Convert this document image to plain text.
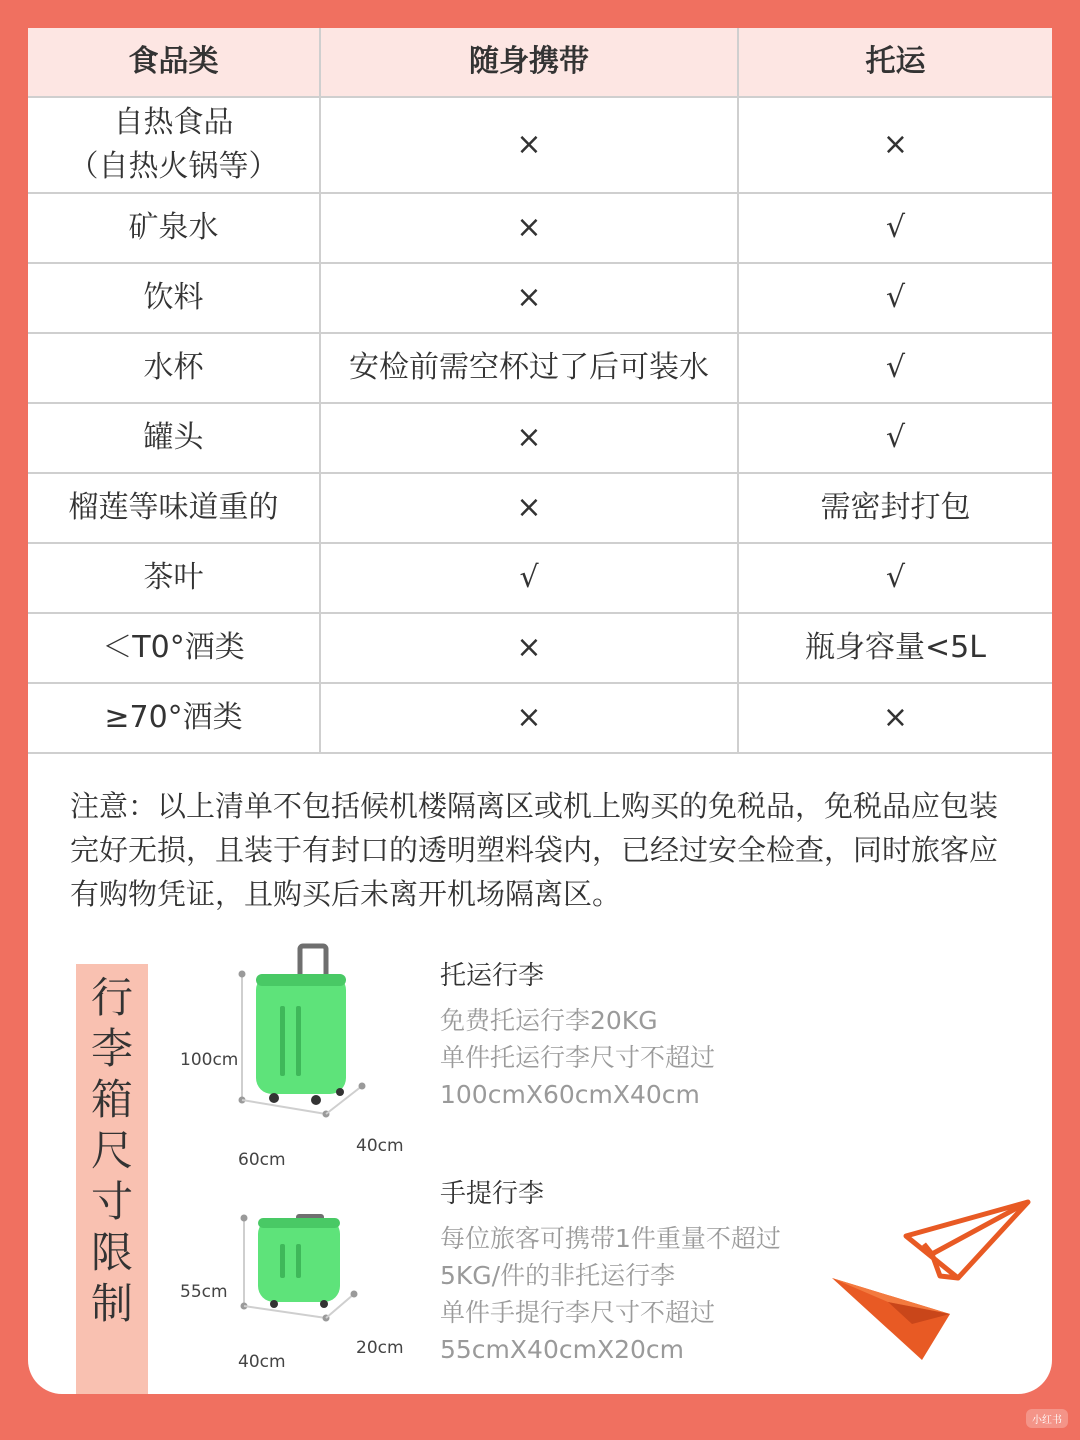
食品类	随身携带	托运
自热食品
（自热火锅等）	×	×
矿泉水	×	√
饮料	×	√
水杯	安检前需空杯过了后可装水	√
罐头	×	√
榴莲等味道重的	×	需密封打包
茶叶	√	√
＜T0°酒类	×	瓶身容量<5L
≥70°酒类	×	×

注意：以上清单不包括候机楼隔离区或机上购买的免税品，免税品应包装完好无损，且装于有封口的透明塑料袋内，已经过安全检查，同时旅客应有购物凭证，且购买后未离开机场隔离区。

行李箱尺寸限制
100cm
60cm
40cm

托运行李

免费托运行李20KG

单件托运行李尺寸不超过

100cmX60cmX40cm

55cm
40cm
20cm

手提行李

每位旅客可携带1件重量不超过

5KG/件的非托运行李

单件手提行李尺寸不超过

55cmX40cmX20cm

小红书
